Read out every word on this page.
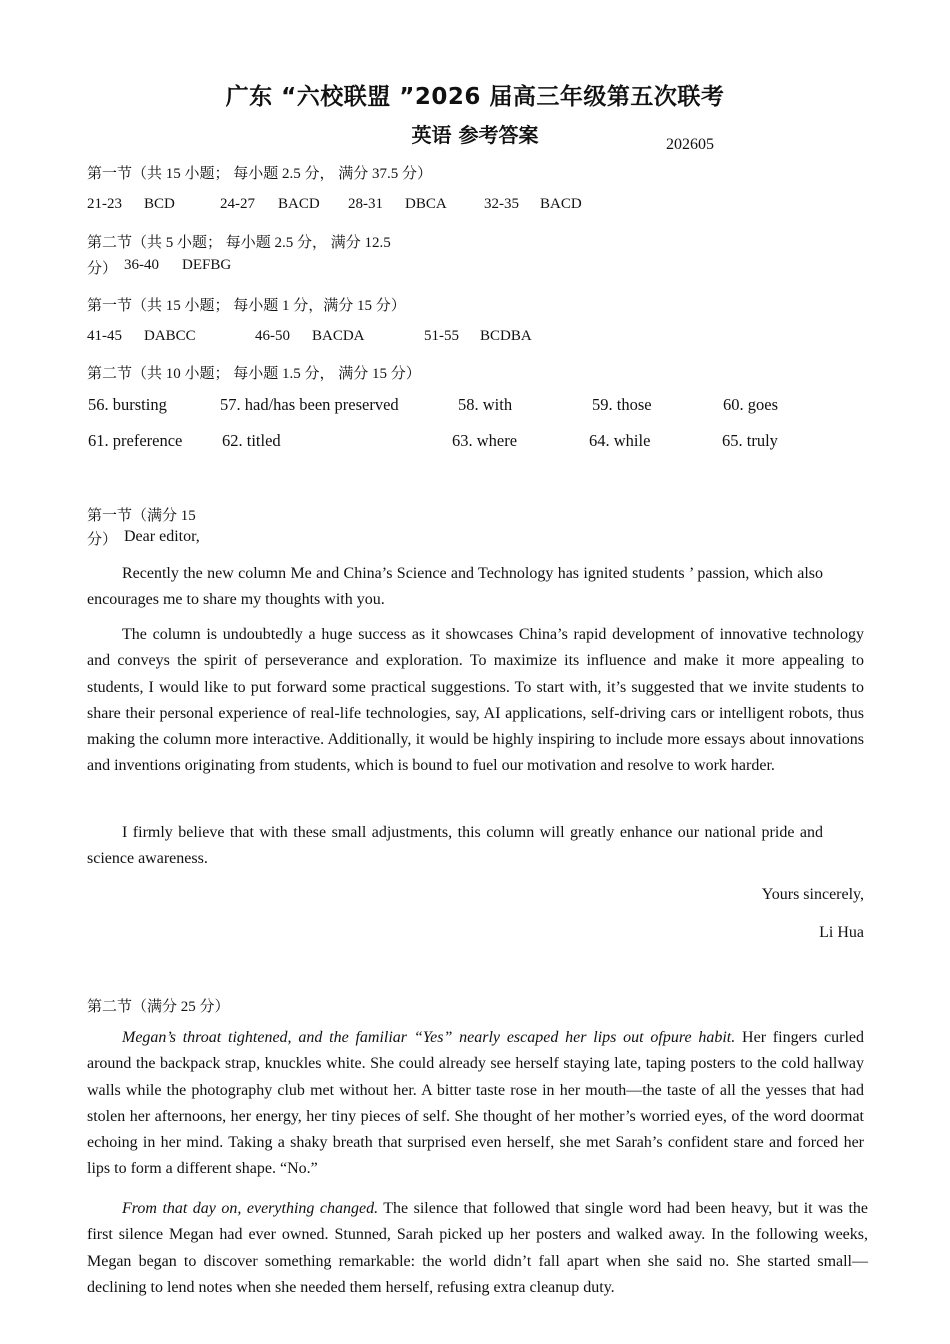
广东 “六校联盟 ”2026 届高三年级第五次联考
英语 参考答案	202605
第一节（共 15 小题； 每小题 2.5 分， 满分 37.5 分）
21-23 BCD	24-27 BACD 28-31 DBCA 32-35 BACD
第二节（共 5 小题； 每小题 2.5 分， 满分 12.5
分） 36-40 DEFBG
第一节（共 15 小题； 每小题 1 分，满分 15 分）
41-45 DABCC	46-50 BACDA	51-55 BCDBA
第二节（共 10 小题； 每小题 1.5 分， 满分 15 分）
56. bursting	57. had/has been preserved	58. with	59. those	60. goes
61. preference 62. titled	63. where	64. while	65. truly
第一节（满分 15
分） Dear editor,

Recently the new column Me and China’s Science and Technology has ignited students ’ passion, which also encourages me to share my thoughts with you.

The column is undoubtedly a huge success as it showcases China’s rapid development of innovative technology and conveys the spirit of perseverance and exploration. To maximize its influence and make it more appealing to students, I would like to put forward some practical suggestions. To start with, it’s suggested that we invite students to share their personal experience of real-life technologies, say, AI applications, self-driving cars or intelligent robots, thus making the column more interactive. Additionally, it would be highly inspiring to include more essays about innovations and inventions originating from students, which is bound to fuel our motivation and resolve to work harder.

I firmly believe that with these small adjustments, this column will greatly enhance our national pride and science awareness.

Yours sincerely,
Li Hua
第二节（满分 25 分）

Megan’s throat tightened, and the familiar “Yes” nearly escaped her lips out ofpure habit. Her fingers curled around the backpack strap, knuckles white. She could already see herself staying late, taping posters to the cold hallway walls while the photography club met without her. A bitter taste rose in her mouth—the taste of all the yesses that had stolen her afternoons, her energy, her tiny pieces of self. She thought of her mother’s worried eyes, of the word doormat echoing in her mind. Taking a shaky breath that surprised even herself, she met Sarah’s confident stare and forced her lips to form a different shape. “No.”

From that day on, everything changed. The silence that followed that single word had been heavy, but it was the first silence Megan had ever owned. Stunned, Sarah picked up her posters and walked away. In the following weeks, Megan began to discover something remarkable: the world didn’t fall apart when she said no. She started small—declining to lend notes when she needed them herself, refusing extra cleanup duty.
